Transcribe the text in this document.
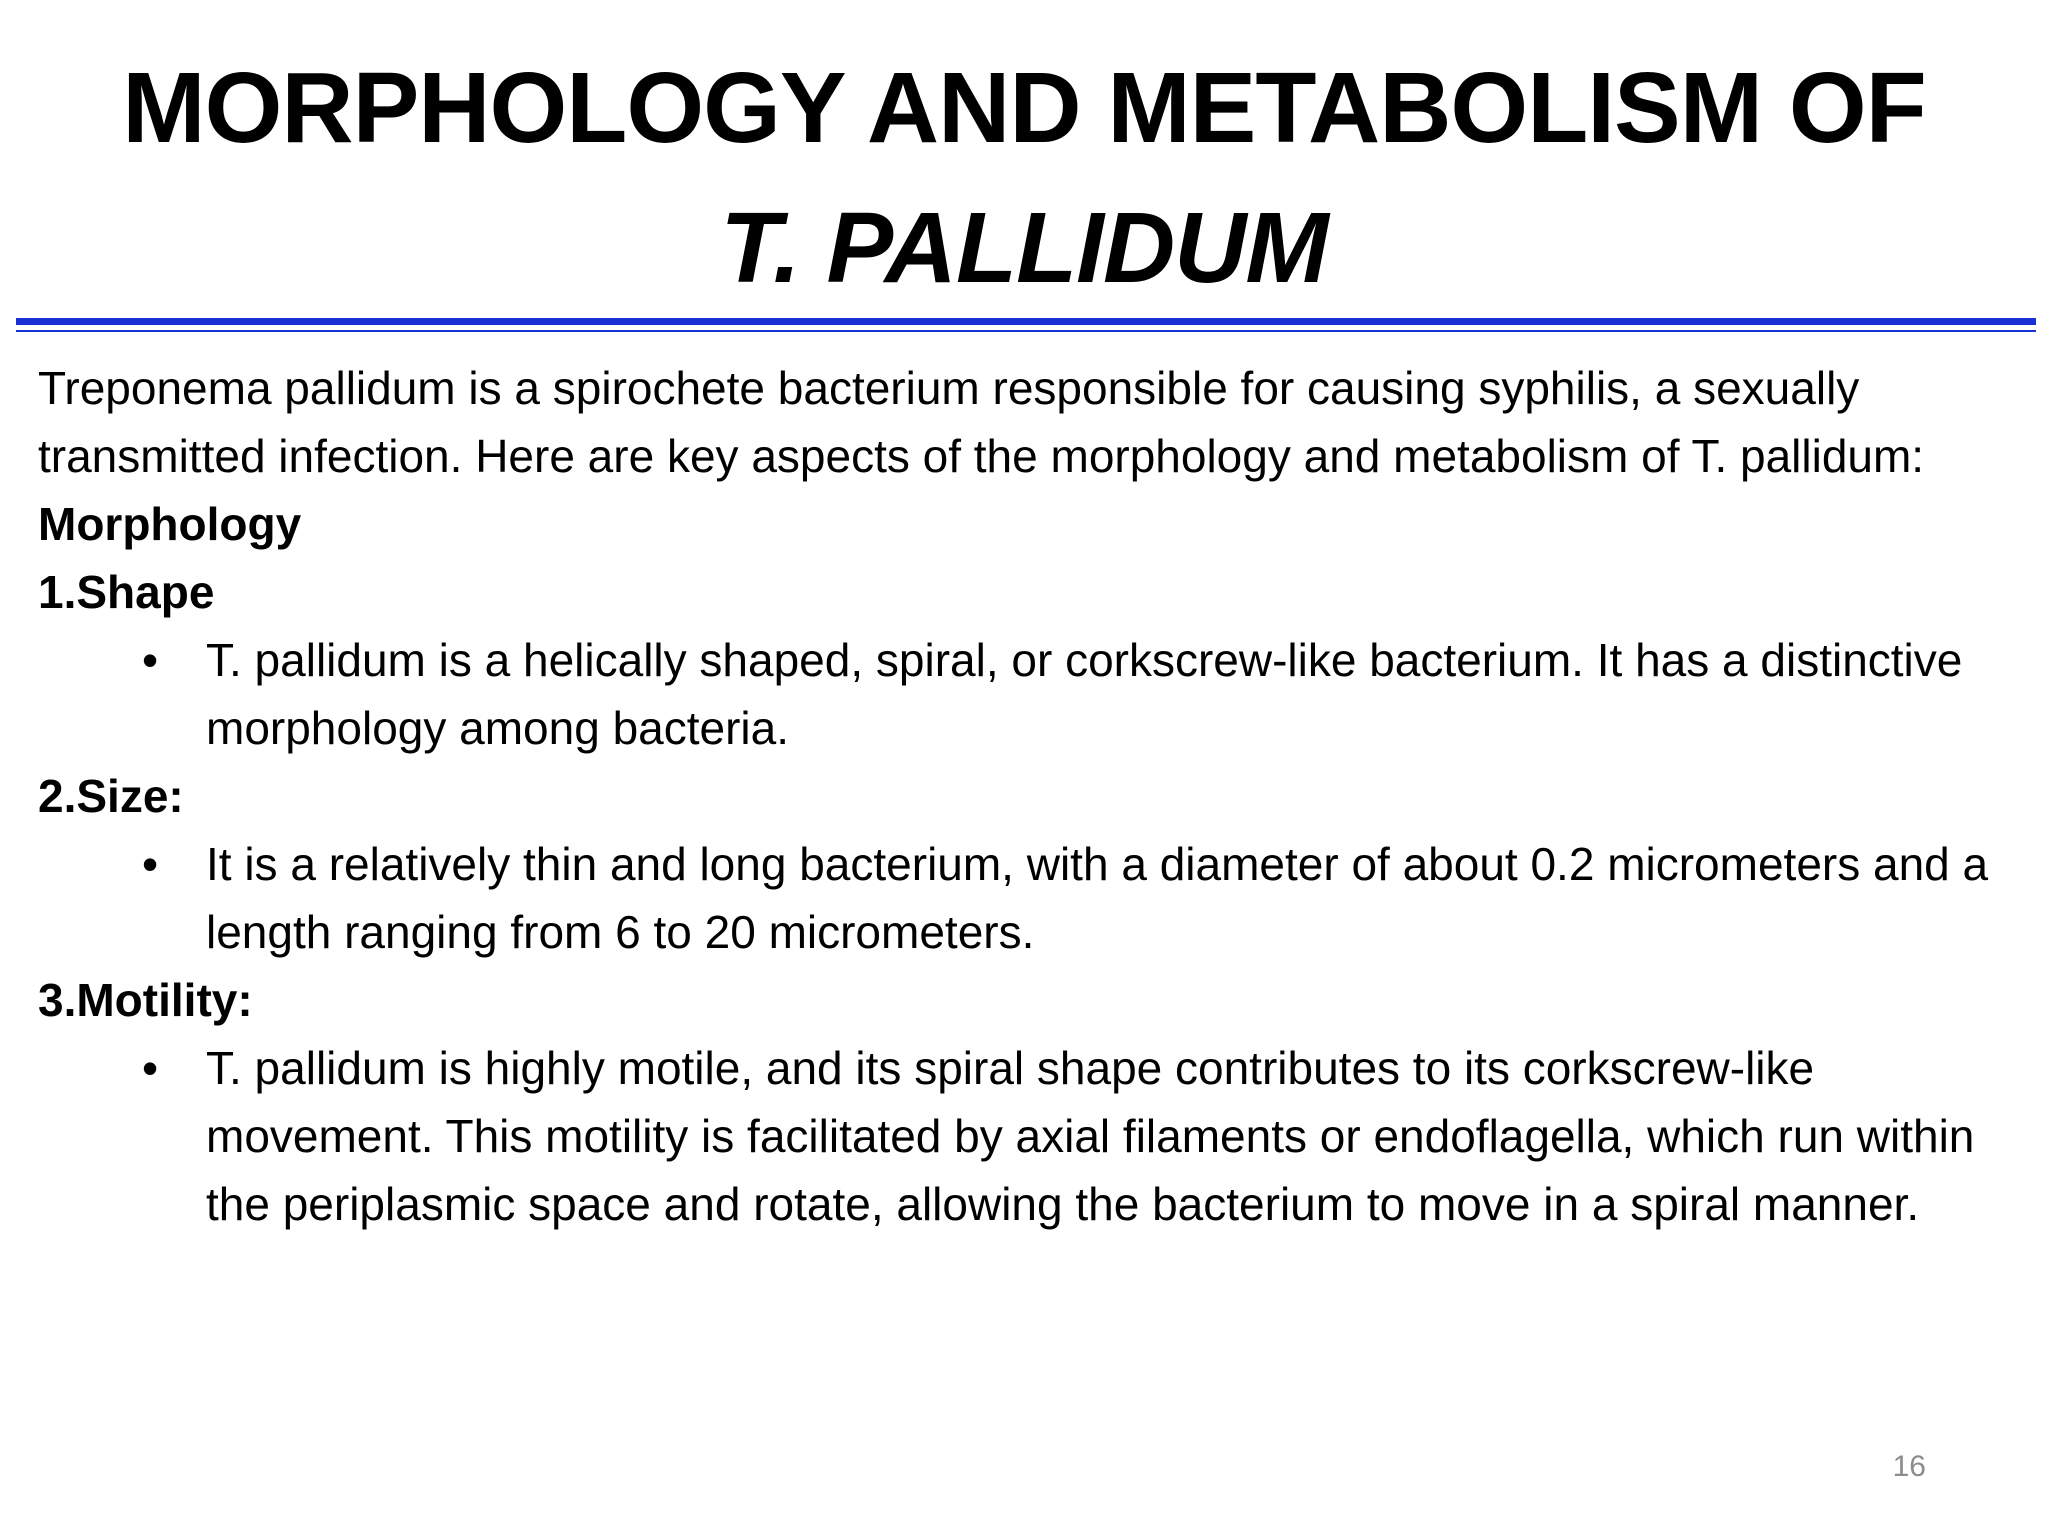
MORPHOLOGY AND METABOLISM OF
T. PALLIDUM

Treponema pallidum is a spirochete bacterium responsible for causing syphilis, a sexually transmitted infection. Here are key aspects of the morphology and metabolism of T. pallidum:

Morphology

1.Shape

• T. pallidum is a helically shaped, spiral, or corkscrew-like bacterium. It has a distinctive morphology among bacteria.

2.Size:

• It is a relatively thin and long bacterium, with a diameter of about 0.2 micrometers and a length ranging from 6 to 20 micrometers.

3.Motility:

• T. pallidum is highly motile, and its spiral shape contributes to its corkscrew-like movement. This motility is facilitated by axial filaments or endoflagella, which run within the periplasmic space and rotate, allowing the bacterium to move in a spiral manner.
16
